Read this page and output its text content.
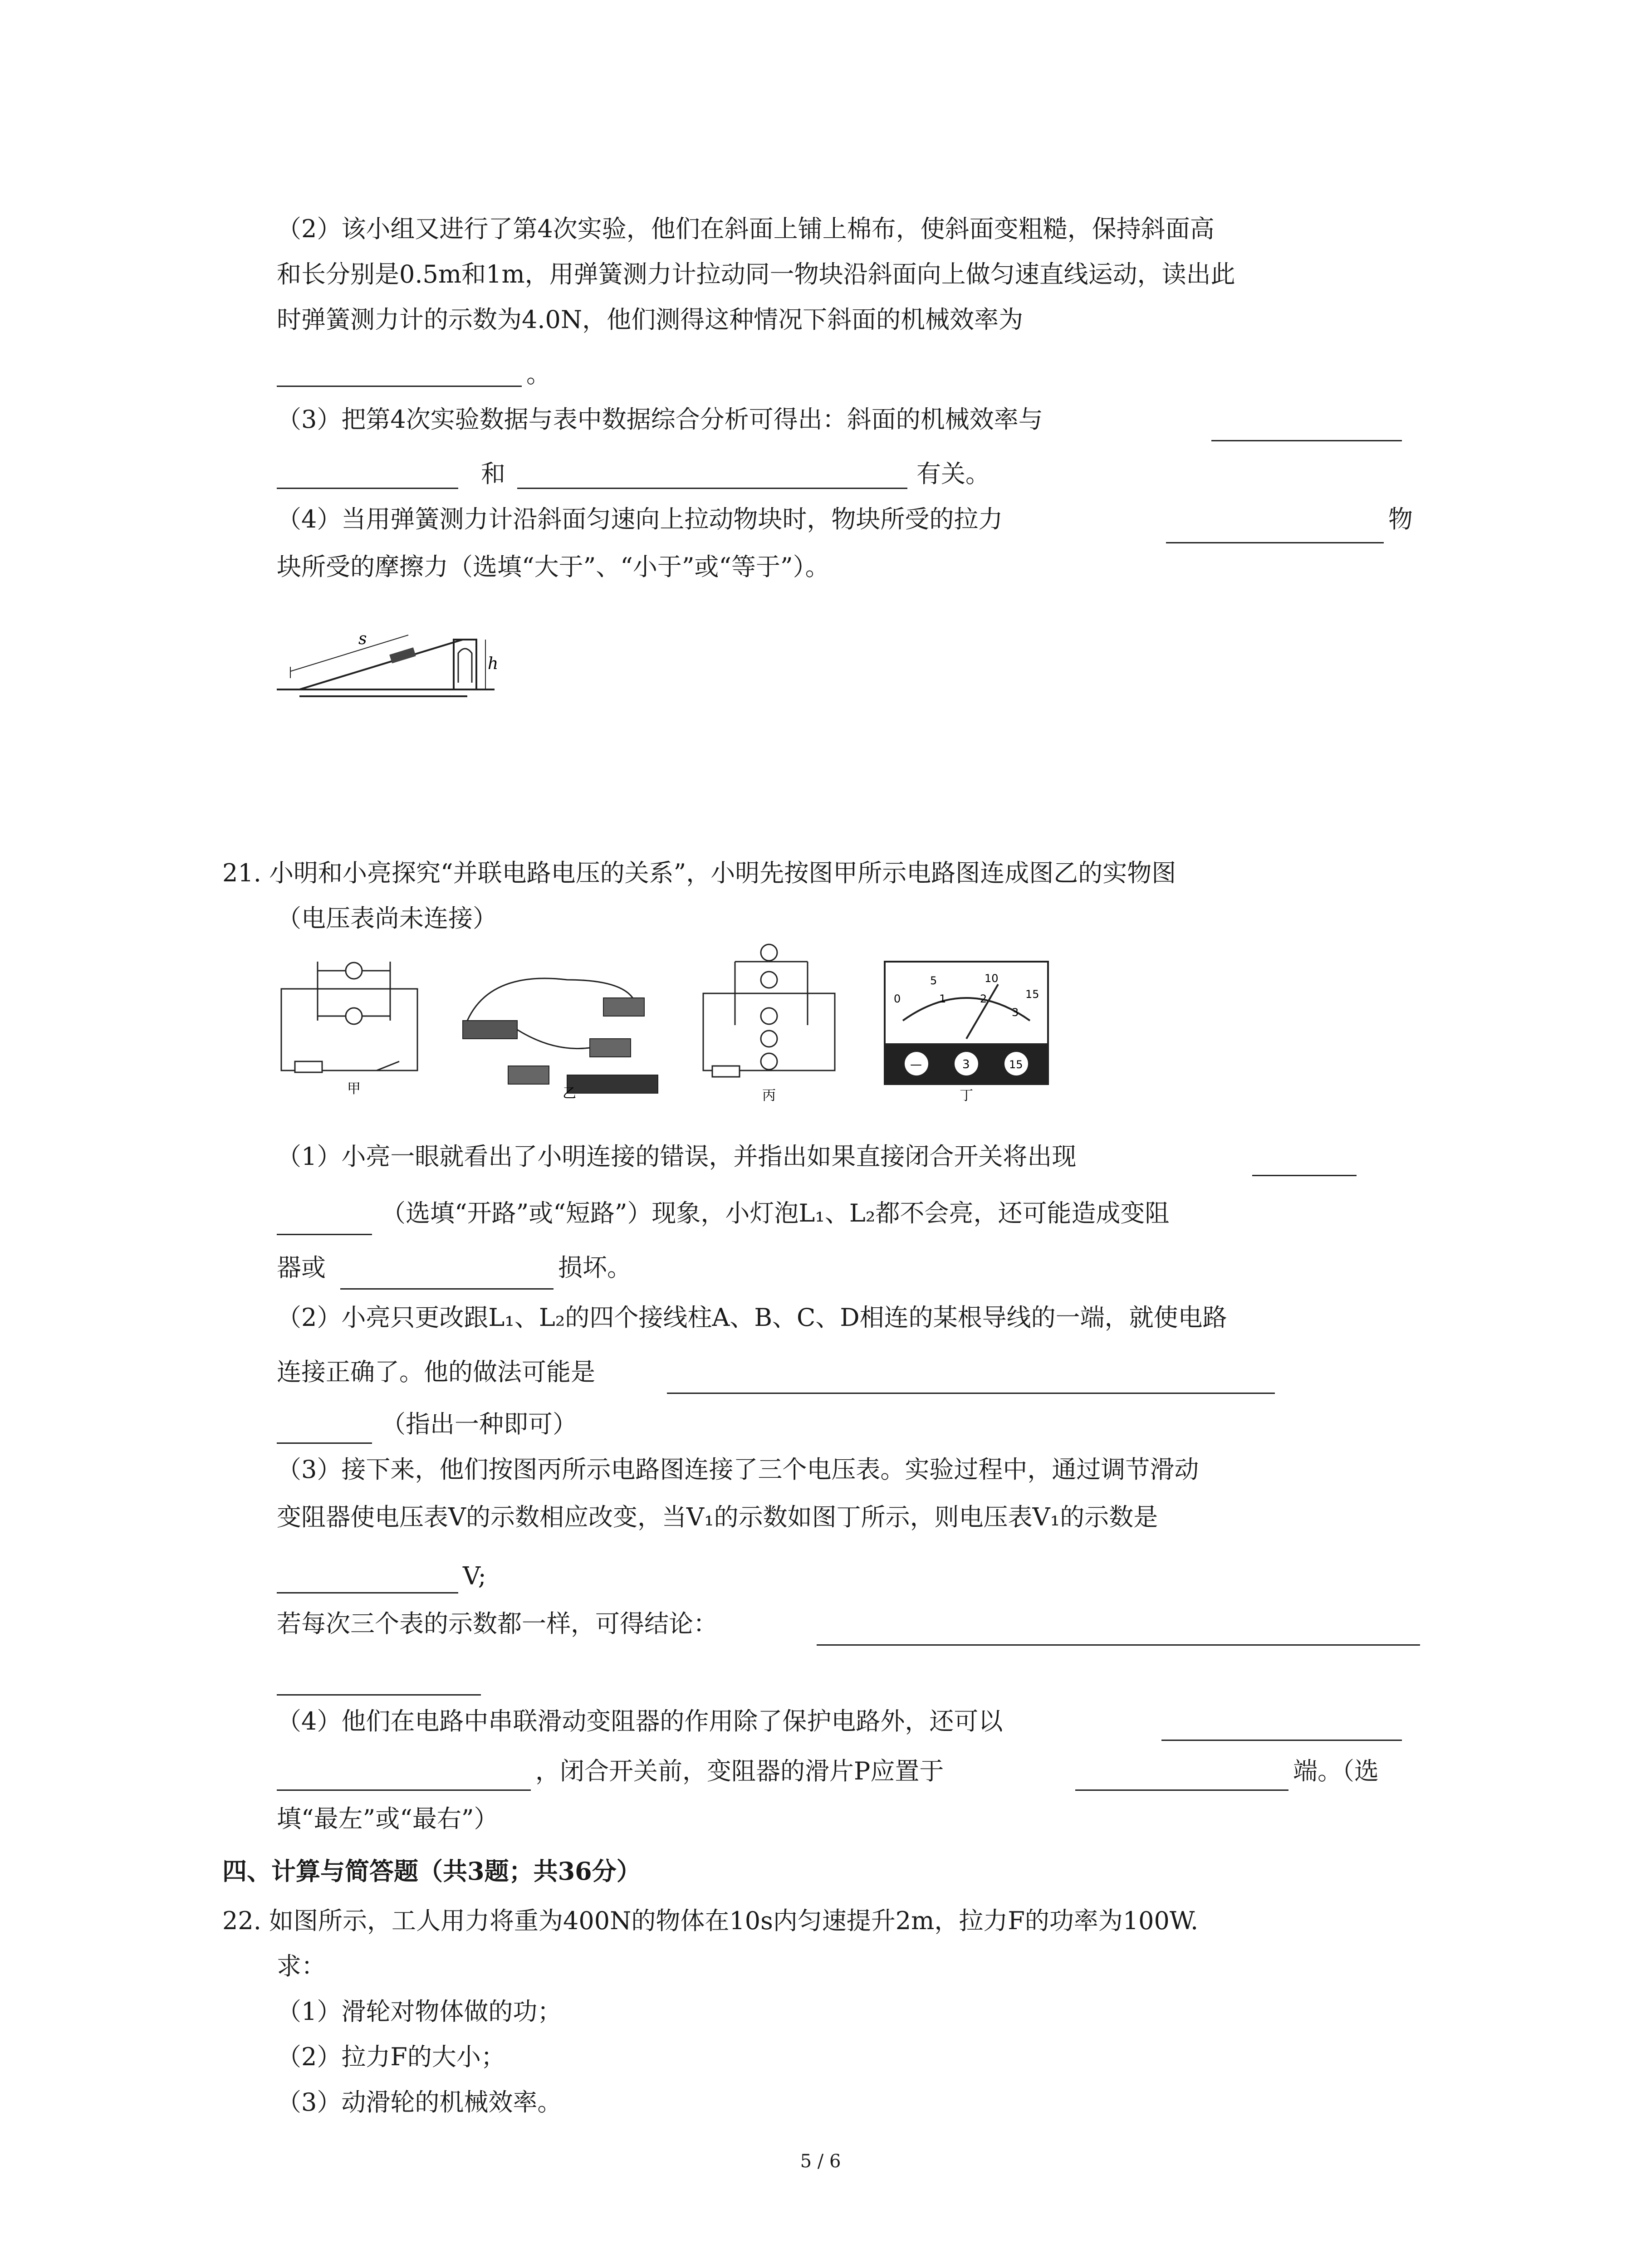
（2）该小组又进行了第4次实验，他们在斜面上铺上棉布，使斜面变粗糙，保持斜面高
和长分别是0.5m和1m，用弹簧测力计拉动同一物块沿斜面向上做匀速直线运动，读出此
时弹簧测力计的示数为4.0N，他们测得这种情况下斜面的机械效率为
。
（3）把第4次实验数据与表中数据综合分析可得出：斜面的机械效率与
和	有关。
（4）当用弹簧测力计沿斜面匀速向上拉动物块时，物块所受的拉力	物
块所受的摩擦力（选填“大于”、“小于”或“等于”）。
s
h
21. 小明和小亮探究“并联电路电压的关系”，小明先按图甲所示电路图连成图乙的实物图
（电压表尚未连接）
甲	乙	丙
5	10
15
0	1	2
3
—	3	15
丁
（1）小亮一眼就看出了小明连接的错误，并指出如果直接闭合开关将出现
（选填“开路”或“短路”）现象，小灯泡L₁、L₂都不会亮，还可能造成变阻
器或	损坏。
（2）小亮只更改跟L₁、L₂的四个接线柱A、B、C、D相连的某根导线的一端，就使电路
连接正确了。他的做法可能是
（指出一种即可）
（3）接下来，他们按图丙所示电路图连接了三个电压表。实验过程中，通过调节滑动
变阻器使电压表V的示数相应改变，当V₁的示数如图丁所示，则电压表V₁的示数是
V;
若每次三个表的示数都一样，可得结论：
（4）他们在电路中串联滑动变阻器的作用除了保护电路外，还可以
，闭合开关前，变阻器的滑片P应置于	端。（选
填“最左”或“最右”）
四、计算与简答题（共3题；共36分）
22. 如图所示，工人用力将重为400N的物体在10s内匀速提升2m，拉力F的功率为100W.
求：
（1）滑轮对物体做的功；
（2）拉力F的大小；
（3）动滑轮的机械效率。
5 / 6
